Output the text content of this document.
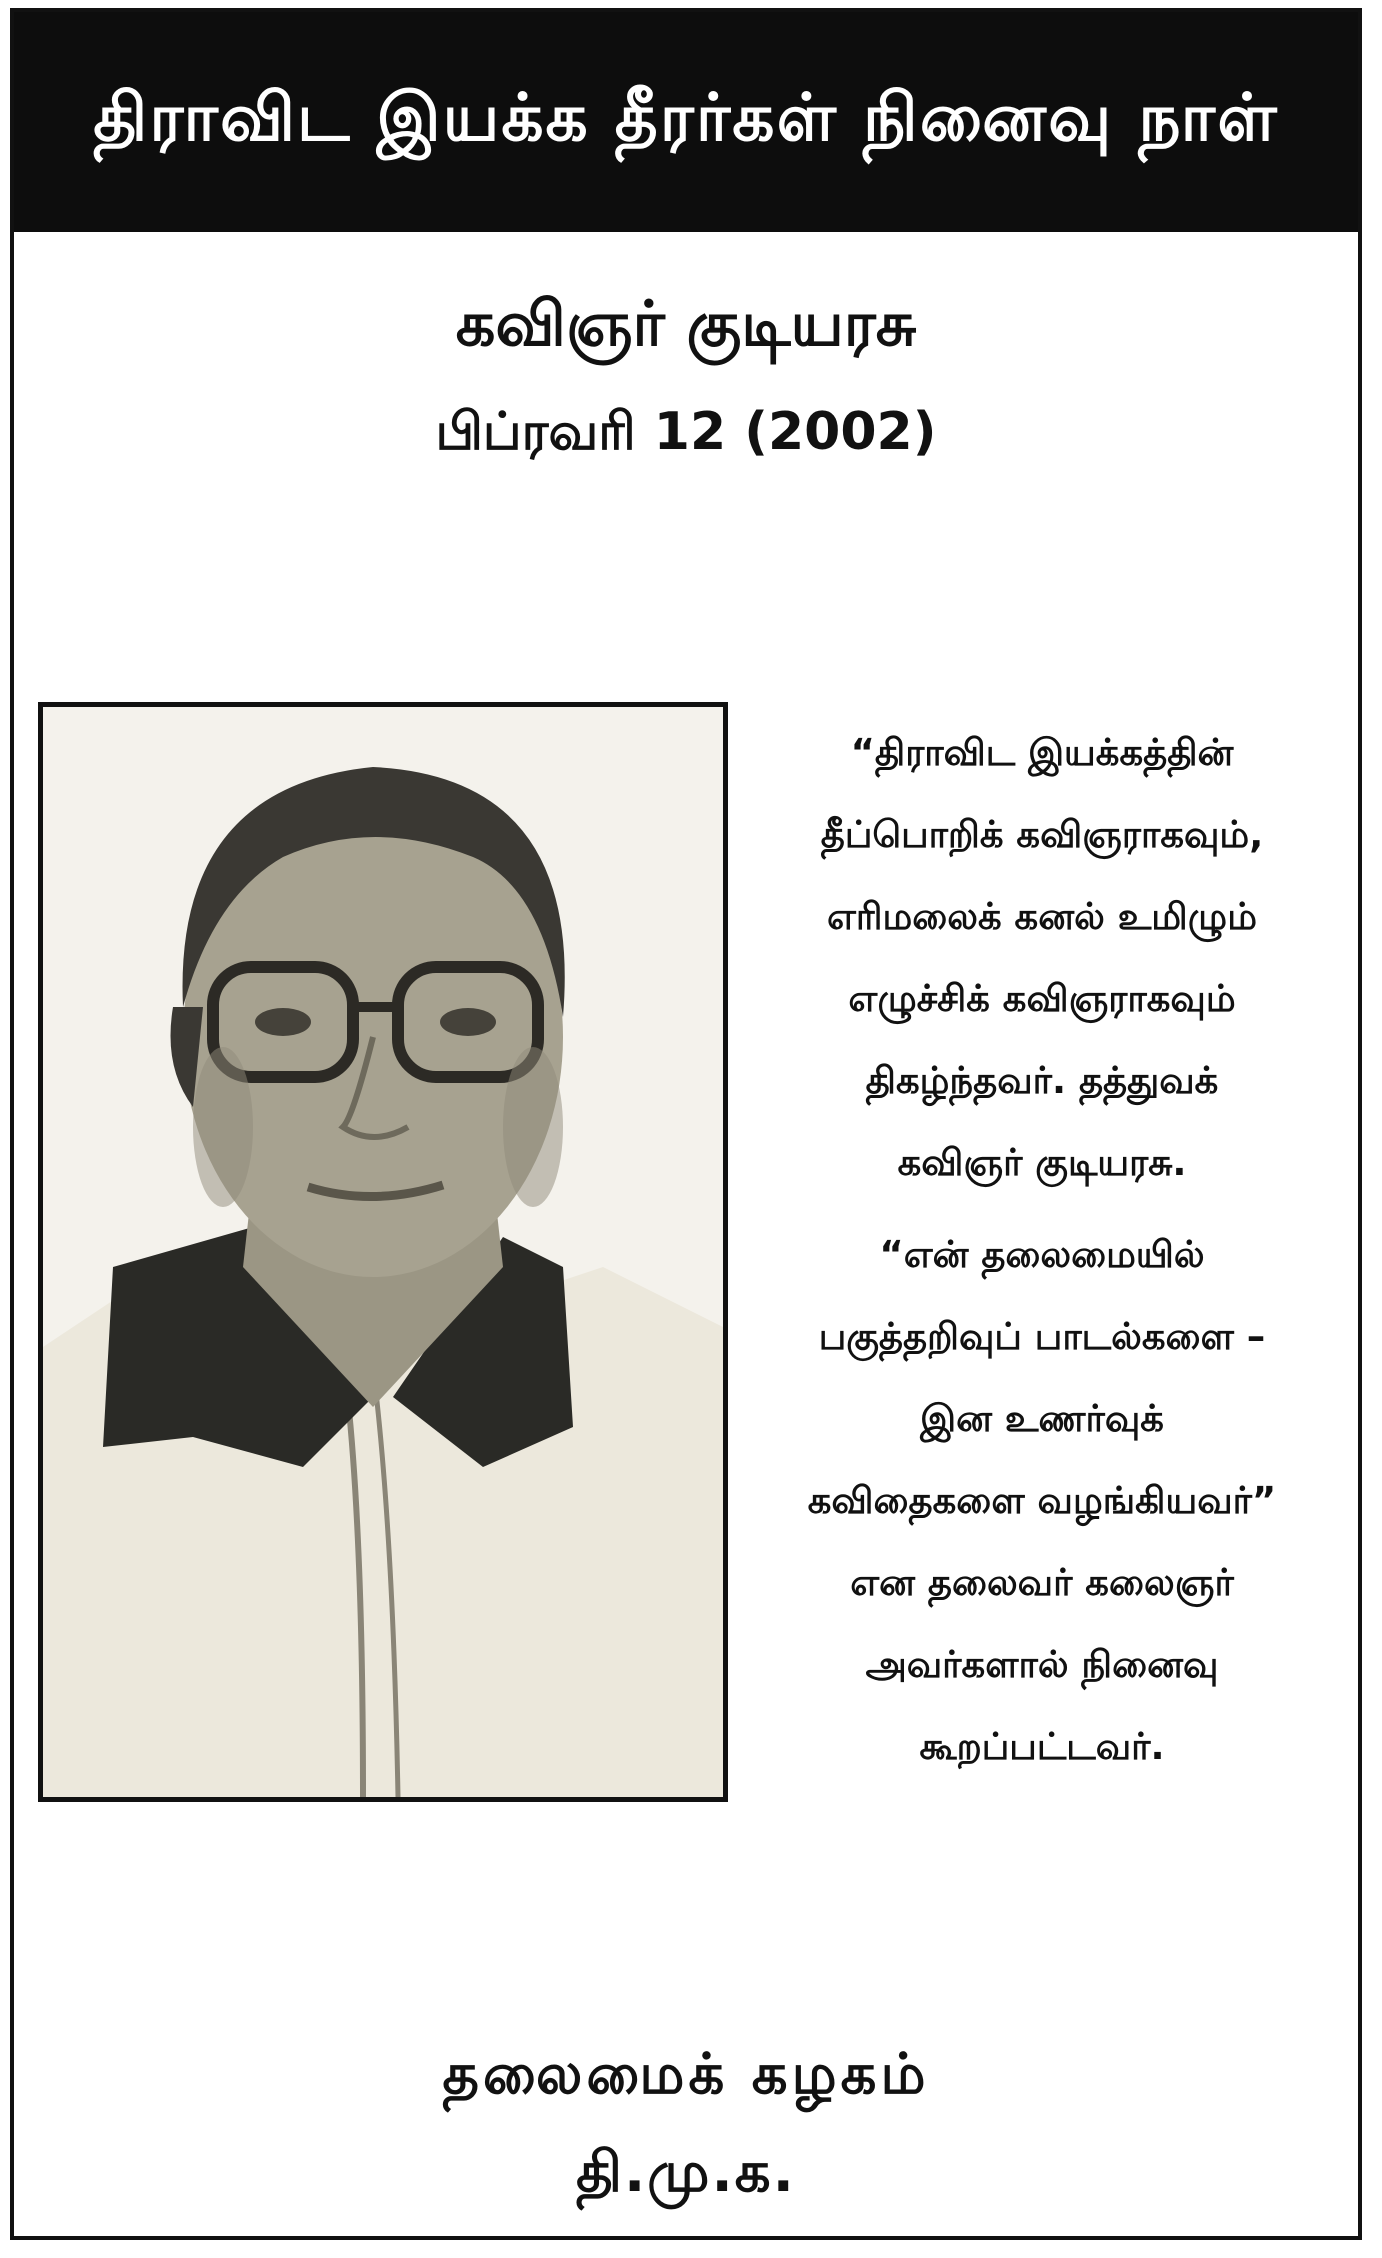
திராவிட இயக்க தீரர்கள் நினைவு நாள்
கவிஞர் குடியரசு
பிப்ரவரி 12 (2002)
“திராவிட இயக்கத்தின்
தீப்பொறிக் கவிஞராகவும்,
எரிமலைக் கனல் உமிழும்
எழுச்சிக் கவிஞராகவும்
திகழ்ந்தவர். தத்துவக்
கவிஞர் குடியரசு.
“என் தலைமையில்
பகுத்தறிவுப் பாடல்களை –
இன உணர்வுக்
கவிதைகளை வழங்கியவர்”
என தலைவர் கலைஞர்
அவர்களால் நினைவு
கூறப்பட்டவர்.
தலைமைக் கழகம்
தி.மு.க.
